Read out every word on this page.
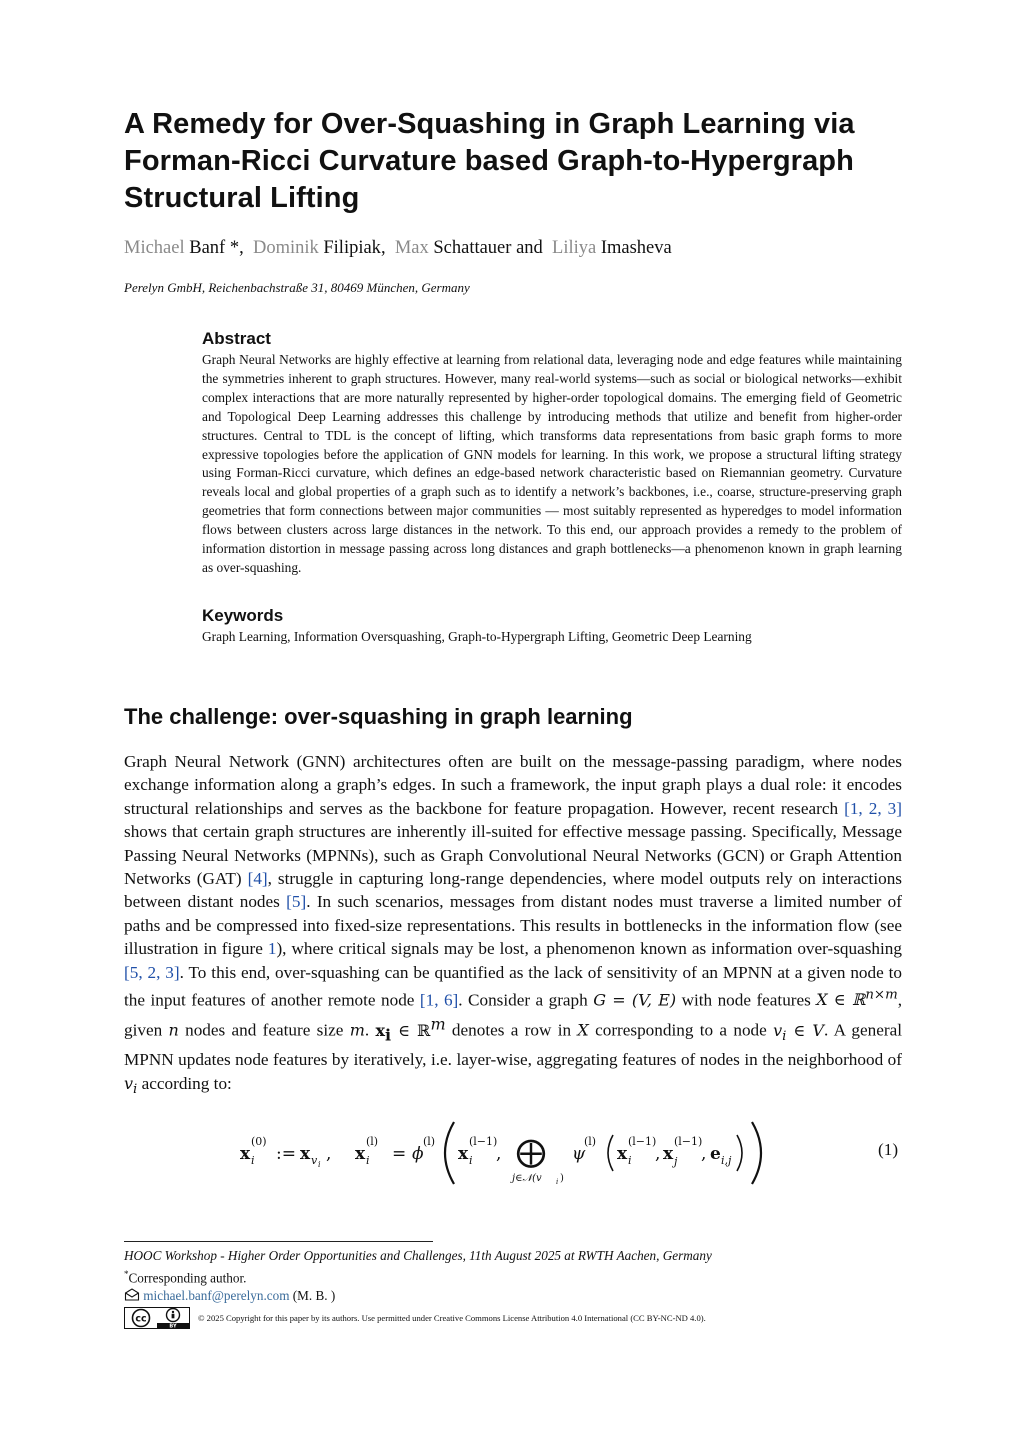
A Remedy for Over-Squashing in Graph Learning via Forman-Ricci Curvature based Graph-to-Hypergraph Structural Lifting
Michael Banf *, Dominik Filipiak, Max Schattauer and Liliya Imasheva
Perelyn GmbH, Reichenbachstraße 31, 80469 München, Germany
Abstract

Graph Neural Networks are highly effective at learning from relational data, leveraging node and edge features while maintaining the symmetries inherent to graph structures. However, many real-world systems—such as social or biological networks—exhibit complex interactions that are more naturally represented by higher-order topological domains. The emerging field of Geometric and Topological Deep Learning addresses this challenge by introducing methods that utilize and benefit from higher-order structures. Central to TDL is the concept of lifting, which transforms data representations from basic graph forms to more expressive topologies before the application of GNN models for learning. In this work, we propose a structural lifting strategy using Forman-Ricci curvature, which defines an edge-based network characteristic based on Riemannian geometry. Curvature reveals local and global properties of a graph such as to identify a network’s backbones, i.e., coarse, structure-preserving graph geometries that form connections between major communities — most suitably represented as hyperedges to model information flows between clusters across large distances in the network. To this end, our approach provides a remedy to the problem of information distortion in message passing across long distances and graph bottlenecks—a phenomenon known in graph learning as over-squashing.

Keywords

Graph Learning, Information Oversquashing, Graph-to-Hypergraph Lifting, Geometric Deep Learning

The challenge: over-squashing in graph learning

Graph Neural Network (GNN) architectures often are built on the message-passing paradigm, where nodes exchange information along a graph’s edges. In such a framework, the input graph plays a dual role: it encodes structural relationships and serves as the backbone for feature propagation. However, recent research [1, 2, 3] shows that certain graph structures are inherently ill-suited for effective message passing. Specifically, Message Passing Neural Networks (MPNNs), such as Graph Convolutional Neural Networks (GCN) or Graph Attention Networks (GAT) [4], struggle in capturing long-range dependencies, where model outputs rely on interactions between distant nodes [5]. In such scenarios, messages from distant nodes must traverse a limited number of paths and be compressed into fixed-size representations. This results in bottlenecks in the information flow (see illustration in figure 1), where critical signals may be lost, a phenomenon known as information over-squashing [5, 2, 3]. To this end, over-squashing can be quantified as the lack of sensitivity of an MPNN at a given node to the input features of another remote node [1, 6]. Consider a graph G = (V, E) with node features X ∈ ℝ$^{n\times m}$, given n nodes and feature size m. $x_i$ ∈ ℝ$^m$ denotes a row in X corresponding to a node $v_i$ ∈ V. A general MPNN updates node features by iteratively, i.e. layer-wise, aggregating features of nodes in the neighborhood of $v_i$ according to:

x
(0)
i := x v i
, x
(l)
i = ϕ
(l)
x
(l−1)
i , ⨁
j∈𝒩(v i )
ψ
(l)
x
(l−1)
i , x
(l−1)
j , e i,j
(1)
HOOC Workshop - Higher Order Opportunities and Challenges, 11th August 2025 at RWTH Aachen, Germany
*Corresponding author.
michael.banf@perelyn.com (M. B. )
cc
BY
© 2025 Copyright for this paper by its authors. Use permitted under Creative Commons License Attribution 4.0 International (CC BY-NC-ND 4.0).
